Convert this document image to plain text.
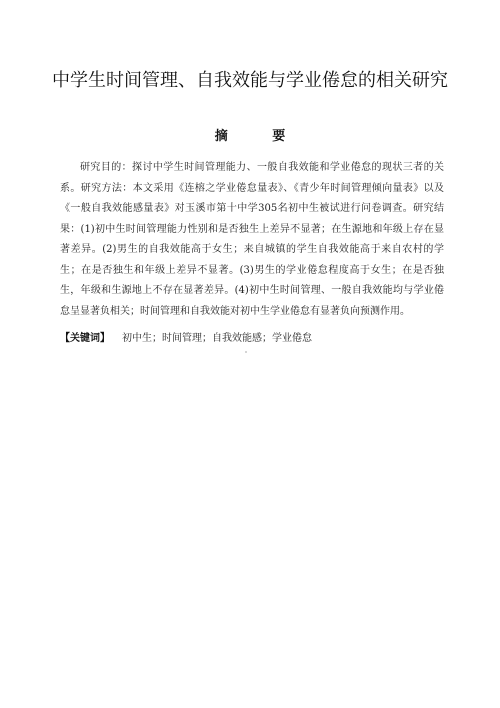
中学生时间管理、自我效能与学业倦怠的相关研究
摘 要

研究目的：探讨中学生时间管理能力、一般自我效能和学业倦怠的现状三者的关系。研究方法：本文采用《连榕之学业倦怠量表》、《青少年时间管理倾向量表》以及《一般自我效能感量表》对玉溪市第十中学305名初中生被试进行问卷调查。研究结果：(1)初中生时间管理能力性别和是否独生上差异不显著；在生源地和年级上存在显著差异。(2)男生的自我效能高于女生；来自城镇的学生自我效能高于来自农村的学生；在是否独生和年级上差异不显著。(3)男生的学业倦怠程度高于女生；在是否独生，年级和生源地上不存在显著差异。(4)初中生时间管理、一般自我效能均与学业倦怠呈显著负相关；时间管理和自我效能对初中生学业倦怠有显著负向预测作用。

【关键词】 初中生；时间管理；自我效能感；学业倦怠
